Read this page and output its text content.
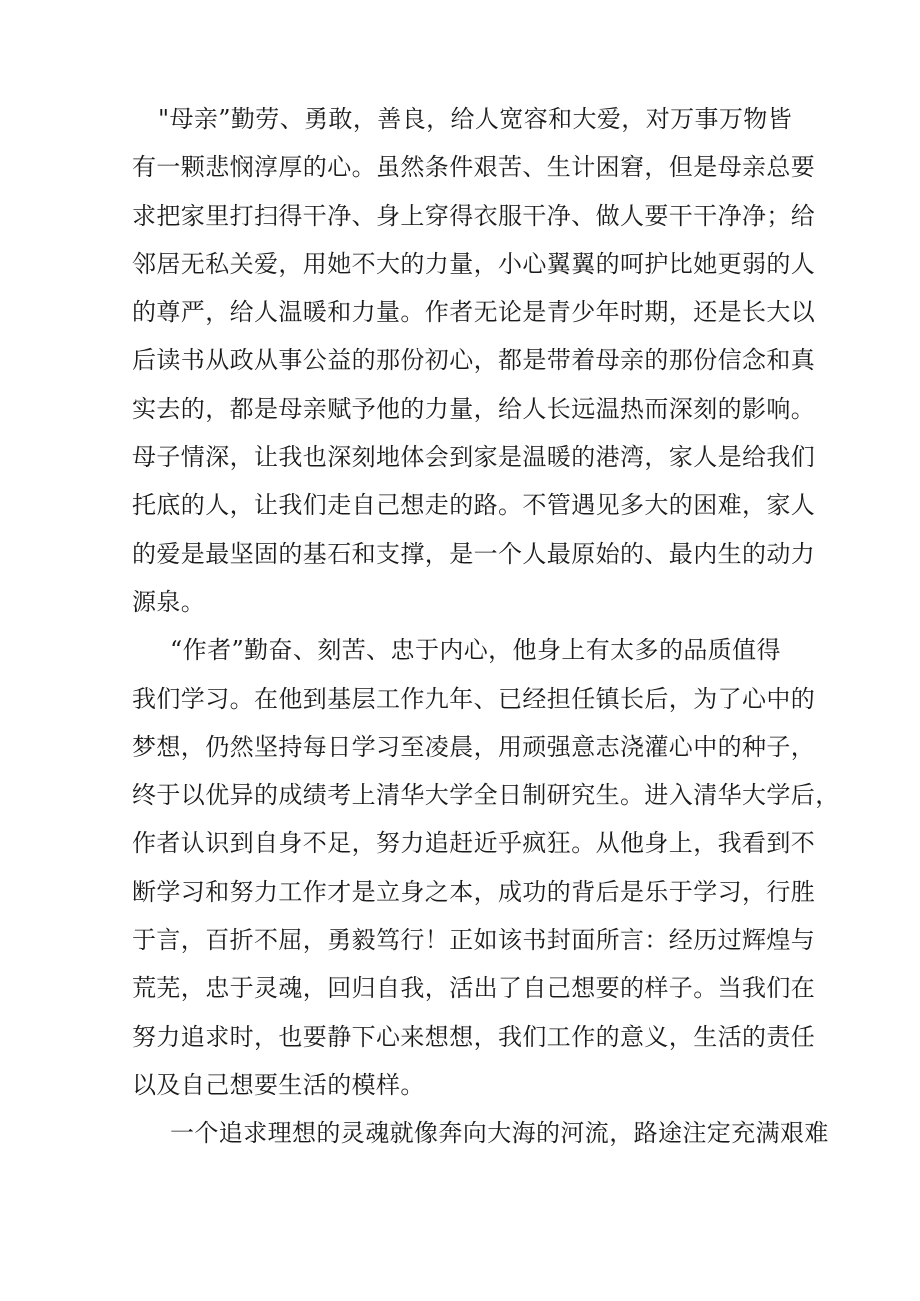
"母亲”勤劳、勇敢，善良，给人宽容和大爱，对万事万物皆
有一颗悲悯淳厚的心。虽然条件艰苦、生计困窘，但是母亲总要
求把家里打扫得干净、身上穿得衣服干净、做人要干干净净；给
邻居无私关爱，用她不大的力量，小心翼翼的呵护比她更弱的人
的尊严，给人温暖和力量。作者无论是青少年时期，还是长大以
后读书从政从事公益的那份初心，都是带着母亲的那份信念和真
实去的，都是母亲赋予他的力量，给人长远温热而深刻的影响。
母子情深，让我也深刻地体会到家是温暖的港湾，家人是给我们
托底的人，让我们走自己想走的路。不管遇见多大的困难，家人
的爱是最坚固的基石和支撑，是一个人最原始的、最内生的动力
源泉。
“作者”勤奋、刻苦、忠于内心，他身上有太多的品质值得
我们学习。在他到基层工作九年、已经担任镇长后，为了心中的
梦想，仍然坚持每日学习至凌晨，用顽强意志浇灌心中的种子，
终于以优异的成绩考上清华大学全日制研究生。进入清华大学后，
作者认识到自身不足，努力追赶近乎疯狂。从他身上，我看到不
断学习和努力工作才是立身之本，成功的背后是乐于学习，行胜
于言，百折不屈，勇毅笃行！正如该书封面所言：经历过辉煌与
荒芜，忠于灵魂，回归自我，活出了自己想要的样子。当我们在
努力追求时，也要静下心来想想，我们工作的意义，生活的责任
以及自己想要生活的模样。
一个追求理想的灵魂就像奔向大海的河流，路途注定充满艰难
